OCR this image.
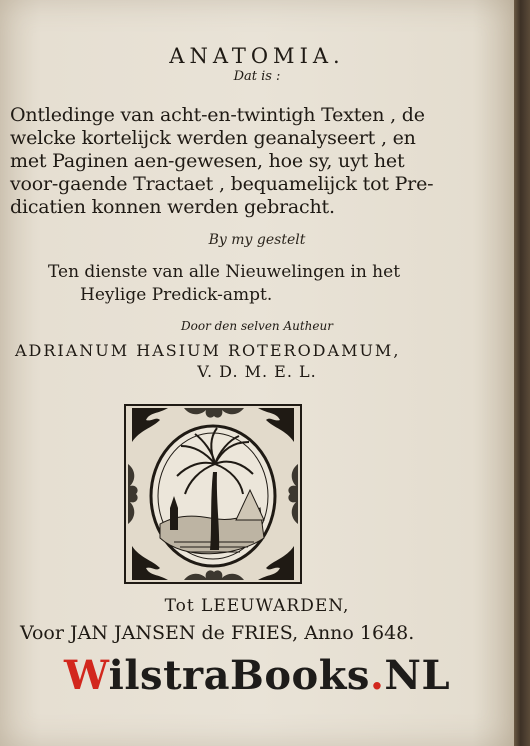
ANATOMIA.
Dat is :
Ontledinge van acht-en-twintigh Texten , de
welcke kortelijck werden geanalyseert , en
met Paginen aen-gewesen, hoe sy, uyt het
voor-gaende Tractaet , bequamelijck tot Pre-
dicatien konnen werden gebracht.
By my gestelt
Ten dienste van alle Nieuwelingen in het
Heylige Predick-ampt.
Door den selven Autheur
ADRIANUM HASIUM ROTERODAMUM,
V. D. M. E. L.
Tot LEEUWARDEN,
Voor JAN JANSEN de FRIES, Anno 1648.
WilstraBooks.NL
